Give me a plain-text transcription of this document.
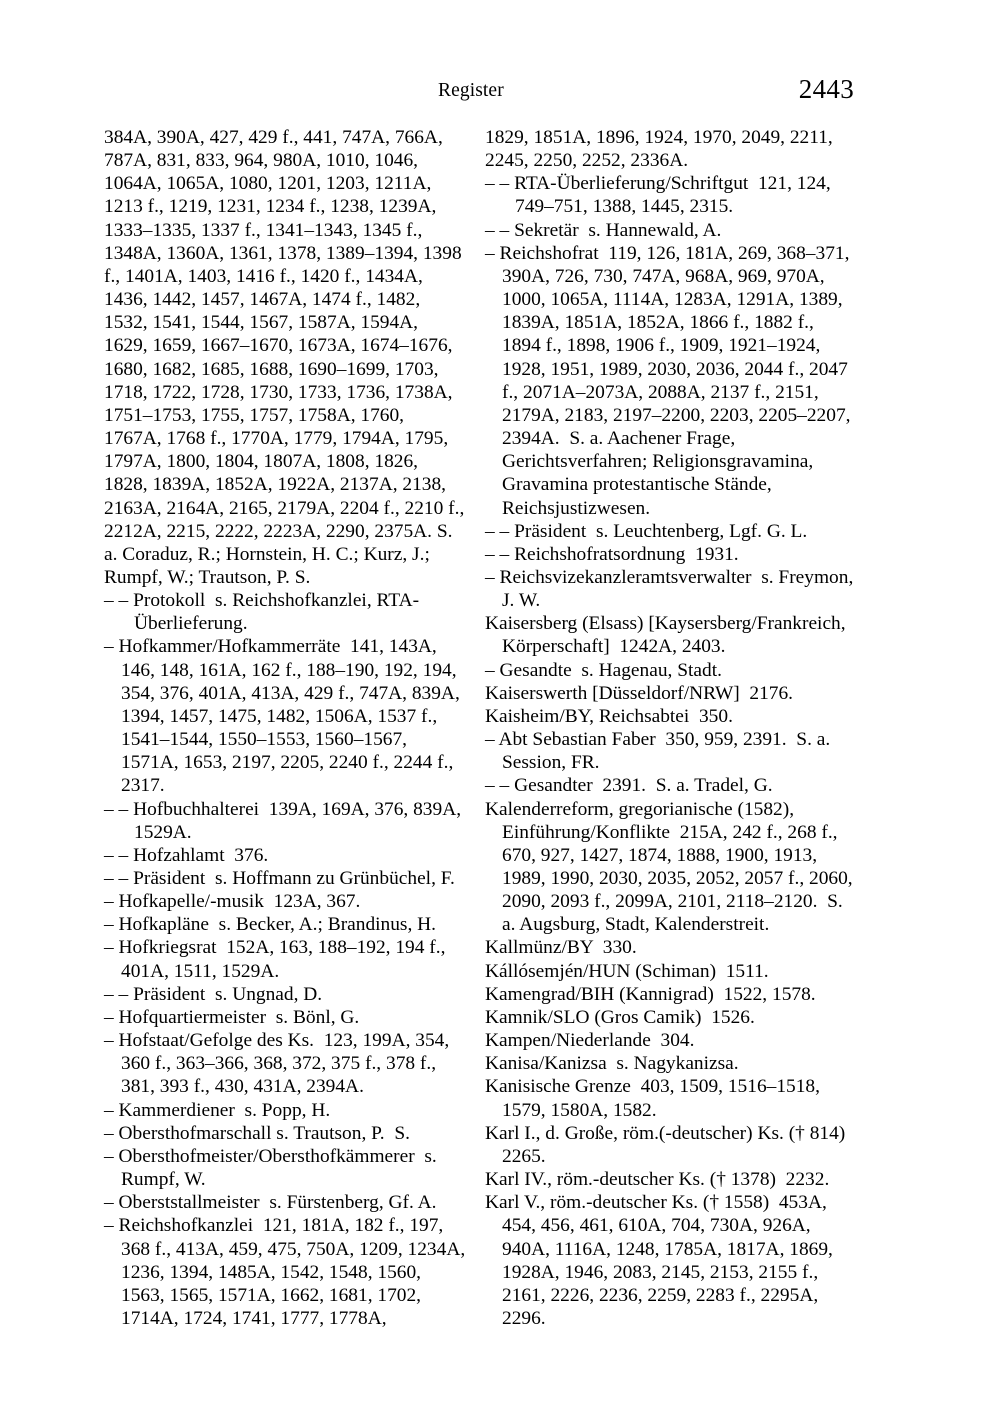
Register	2443

384A, 390A, 427, 429 f., 441, 747A, 766A, 787A, 831, 833, 964, 980A, 1010, 1046, 1064A, 1065A, 1080, 1201, 1203, 1211A, 1213 f., 1219, 1231, 1234 f., 1238, 1239A, 1333–1335, 1337 f., 1341–1343, 1345 f., 1348A, 1360A, 1361, 1378, 1389–1394, 1398 f., 1401A, 1403, 1416 f., 1420 f., 1434A, 1436, 1442, 1457, 1467A, 1474 f., 1482, 1532, 1541, 1544, 1567, 1587A, 1594A, 1629, 1659, 1667–1670, 1673A, 1674–1676, 1680, 1682, 1685, 1688, 1690–1699, 1703, 1718, 1722, 1728, 1730, 1733, 1736, 1738A, 1751–1753, 1755, 1757, 1758A, 1760, 1767A, 1768 f., 1770A, 1779, 1794A, 1795, 1797A, 1800, 1804, 1807A, 1808, 1826, 1828, 1839A, 1852A, 1922A, 2137A, 2138, 2163A, 2164A, 2165, 2179A, 2204 f., 2210 f., 2212A, 2215, 2222, 2223A, 2290, 2375A. S. a. Coraduz, R.; Hornstein, H. C.; Kurz, J.; Rumpf, W.; Trautson, P. S.

– – Protokoll  s. Reichshofkanzlei, RTA-Überlieferung.

– Hofkammer/Hofkammerräte  141, 143A, 146, 148, 161A, 162 f., 188–190, 192, 194, 354, 376, 401A, 413A, 429 f., 747A, 839A, 1394, 1457, 1475, 1482, 1506A, 1537 f., 1541–1544, 1550–1553, 1560–1567, 1571A, 1653, 2197, 2205, 2240 f., 2244 f., 2317.

– – Hofbuchhalterei  139A, 169A, 376, 839A, 1529A.

– – Hofzahlamt  376.

– – Präsident  s. Hoffmann zu Grünbüchel, F.

– Hofkapelle/-musik  123A, 367.

– Hofkapläne  s. Becker, A.; Brandinus, H.

– Hofkriegsrat  152A, 163, 188–192, 194 f., 401A, 1511, 1529A.

– – Präsident  s. Ungnad, D.

– Hofquartiermeister  s. Bönl, G.

– Hofstaat/Gefolge des Ks.  123, 199A, 354, 360 f., 363–366, 368, 372, 375 f., 378 f., 381, 393 f., 430, 431A, 2394A.

– Kammerdiener  s. Popp, H.

– Obersthofmarschall s. Trautson, P.  S.

– Obersthofmeister/Obersthofkämmerer  s. Rumpf, W.

– Oberststallmeister  s. Fürstenberg, Gf. A.

– Reichshofkanzlei  121, 181A, 182 f., 197, 368 f., 413A, 459, 475, 750A, 1209, 1234A, 1236, 1394, 1485A, 1542, 1548, 1560, 1563, 1565, 1571A, 1662, 1681, 1702, 1714A, 1724, 1741, 1777, 1778A,

1829, 1851A, 1896, 1924, 1970, 2049, 2211, 2245, 2250, 2252, 2336A.

– – RTA-Überlieferung/Schriftgut  121, 124, 749–751, 1388, 1445, 2315.

– – Sekretär  s. Hannewald, A.

– Reichshofrat  119, 126, 181A, 269, 368–371, 390A, 726, 730, 747A, 968A, 969, 970A, 1000, 1065A, 1114A, 1283A, 1291A, 1389, 1839A, 1851A, 1852A, 1866 f., 1882 f., 1894 f., 1898, 1906 f., 1909, 1921–1924, 1928, 1951, 1989, 2030, 2036, 2044 f., 2047 f., 2071A–2073A, 2088A, 2137 f., 2151, 2179A, 2183, 2197–2200, 2203, 2205–2207, 2394A.  S. a. Aachener Frage, Gerichtsverfahren; Religionsgravamina, Gravamina protestantische Stände, Reichsjustizwesen.

– – Präsident  s. Leuchtenberg, Lgf. G. L.

– – Reichshofratsordnung  1931.

– Reichsvizekanzleramtsverwalter  s. Freymon, J. W.

Kaisersberg (Elsass) [Kaysersberg/Frankreich, Körperschaft]  1242A, 2403.

– Gesandte  s. Hagenau, Stadt.

Kaiserswerth [Düsseldorf/NRW]  2176.

Kaisheim/BY, Reichsabtei  350.

– Abt Sebastian Faber  350, 959, 2391.  S. a. Session, FR.

– – Gesandter  2391.  S. a. Tradel, G.

Kalenderreform, gregorianische (1582), Einführung/Konflikte  215A, 242 f., 268 f., 670, 927, 1427, 1874, 1888, 1900, 1913, 1989, 1990, 2030, 2035, 2052, 2057 f., 2060, 2090, 2093 f., 2099A, 2101, 2118–2120.  S. a. Augsburg, Stadt, Kalenderstreit.

Kallmünz/BY  330.

Kállósemjén/HUN (Schiman)  1511.

Kamengrad/BIH (Kannigrad)  1522, 1578.

Kamnik/SLO (Gros Camik)  1526.

Kampen/Niederlande  304.

Kanisa/Kanizsa  s. Nagykanizsa.

Kanisische Grenze  403, 1509, 1516–1518, 1579, 1580A, 1582.

Karl I., d. Große, röm.(-deutscher) Ks. († 814)  2265.

Karl IV., röm.-deutscher Ks. († 1378)  2232.

Karl V., röm.-deutscher Ks. († 1558)  453A, 454, 456, 461, 610A, 704, 730A, 926A, 940A, 1116A, 1248, 1785A, 1817A, 1869, 1928A, 1946, 2083, 2145, 2153, 2155 f., 2161, 2226, 2236, 2259, 2283 f., 2295A, 2296.
